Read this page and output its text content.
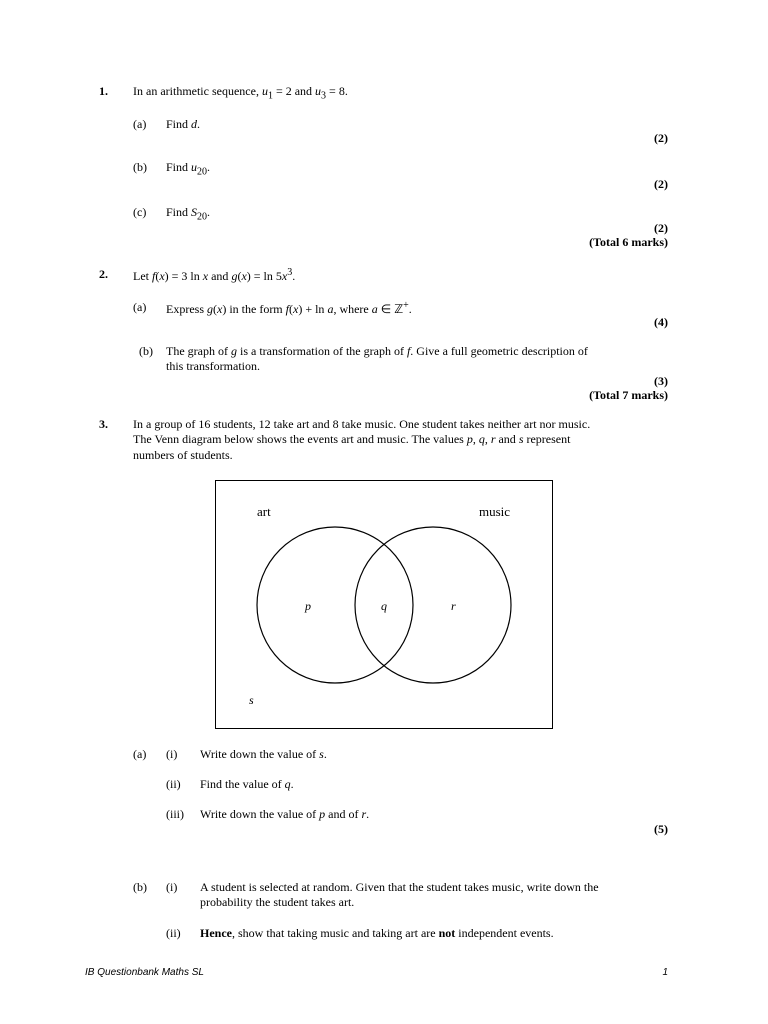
1. In an arithmetic sequence, $u_1 = 2$ and $u_3 = 8$.
(a) Find d.
(2)
(b) Find $u_{20}$.
(2)
(c) Find $S_{20}$.
(2)
(Total 6 marks)
2. Let f(x) = 3 ln x and $g(x) = \ln 5x^3$.
(a) Express g(x) in the form f(x) + ln a, where a ∈ ℤ+.
(4)
(b) The graph of g is a transformation of the graph of f. Give a full geometric description of
this transformation.
(3)
(Total 7 marks)
3. In a group of 16 students, 12 take art and 8 take music. One student takes neither art nor music.
The Venn diagram below shows the events art and music. The values p, q, r and s represent
numbers of students.
art	music
p	q	r
s
(a) (i) Write down the value of s.
(ii) Find the value of q.
(iii) Write down the value of p and of r.
(5)
(b) (i) A student is selected at random. Given that the student takes music, write down the
probability the student takes art.
(ii) Hence, show that taking music and taking art are not independent events.
IB Questionbank Maths SL	1
